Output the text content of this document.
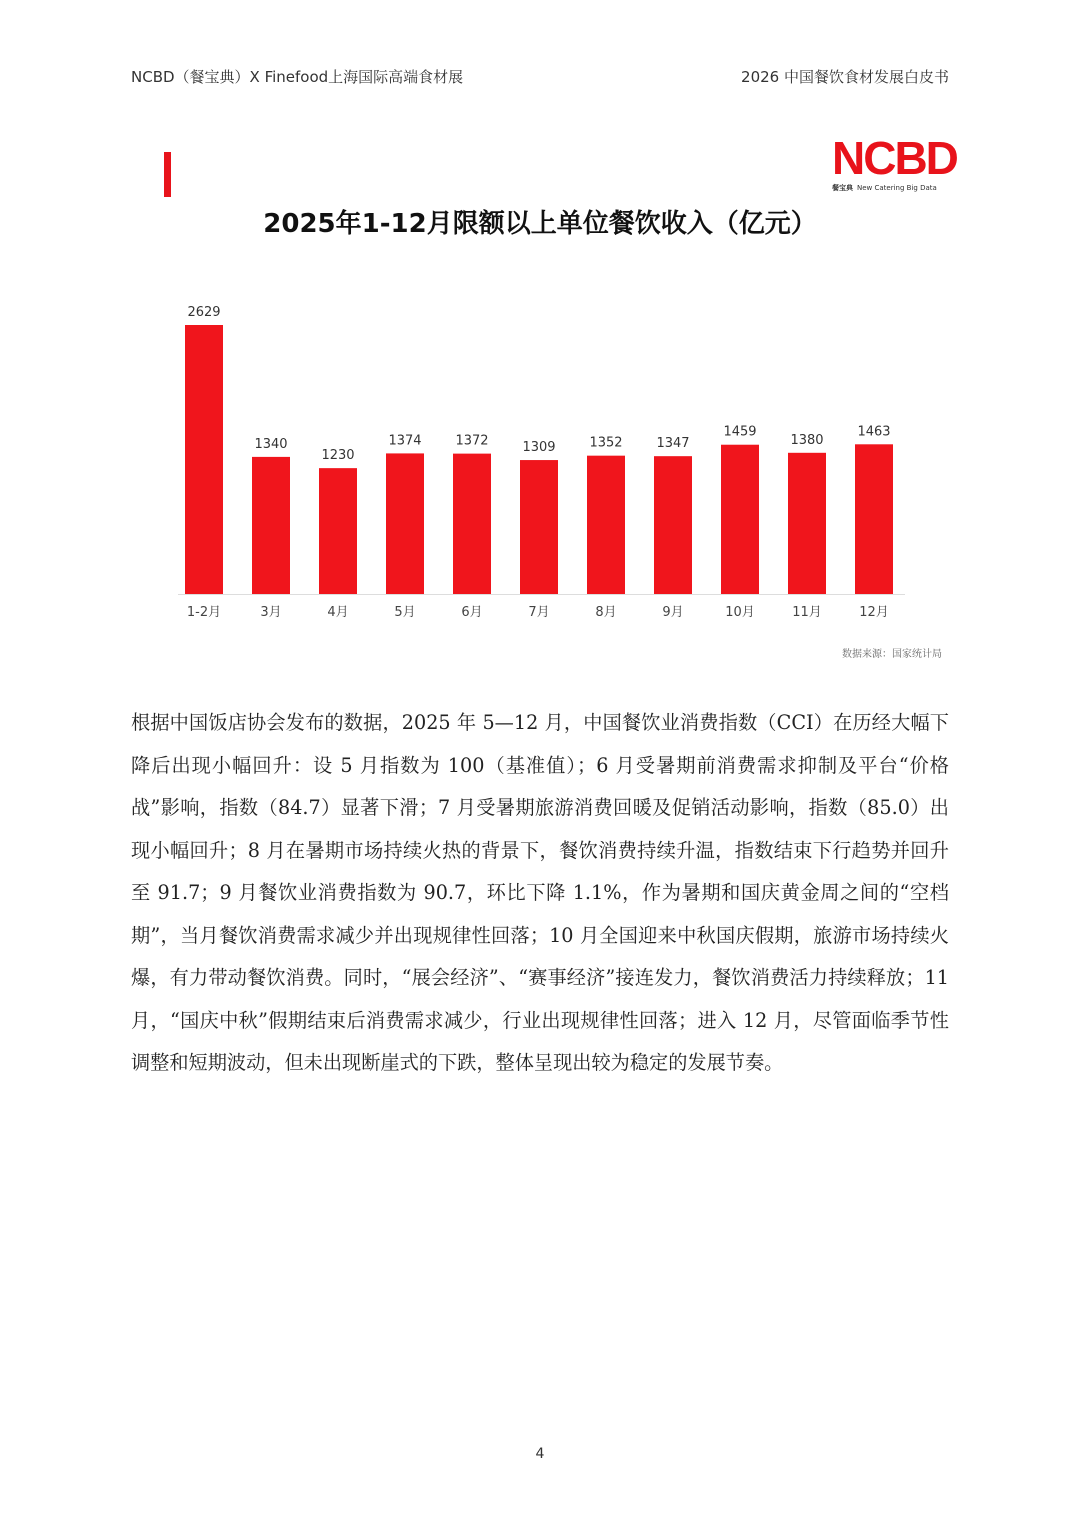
NCBD（餐宝典）X Finefood上海国际高端食材展	2026 中国餐饮食材发展白皮书
NCBD
餐宝典 New Catering Big Data
2025年1-12月限额以上单位餐饮收入（亿元）
2629
1-2月
1340
3月
1230
4月
1374
5月
1372
6月
1309
7月
1352
8月
1347
9月
1459
10月
1380
11月
1463
12月
数据来源：国家统计局

根据中国饭店协会发布的数据，2025 年 5—12 月，中国餐饮业消费指数（CCI）在历经大幅下降后出现小幅回升：设 5 月指数为 100（基准值）；6 月受暑期前消费需求抑制及平台“价格战”影响，指数（84.7）显著下滑；7 月受暑期旅游消费回暖及促销活动影响，指数（85.0）出现小幅回升；8 月在暑期市场持续火热的背景下，餐饮消费持续升温，指数结束下行趋势并回升至 91.7；9 月餐饮业消费指数为 90.7，环比下降 1.1%，作为暑期和国庆黄金周之间的“空档期”，当月餐饮消费需求减少并出现规律性回落；10 月全国迎来中秋国庆假期，旅游市场持续火爆，有力带动餐饮消费。同时，“展会经济”、“赛事经济”接连发力，餐饮消费活力持续释放；11 月，“国庆中秋”假期结束后消费需求减少，行业出现规律性回落；进入 12 月，尽管面临季节性调整和短期波动，但未出现断崖式的下跌，整体呈现出较为稳定的发展节奏。

4
